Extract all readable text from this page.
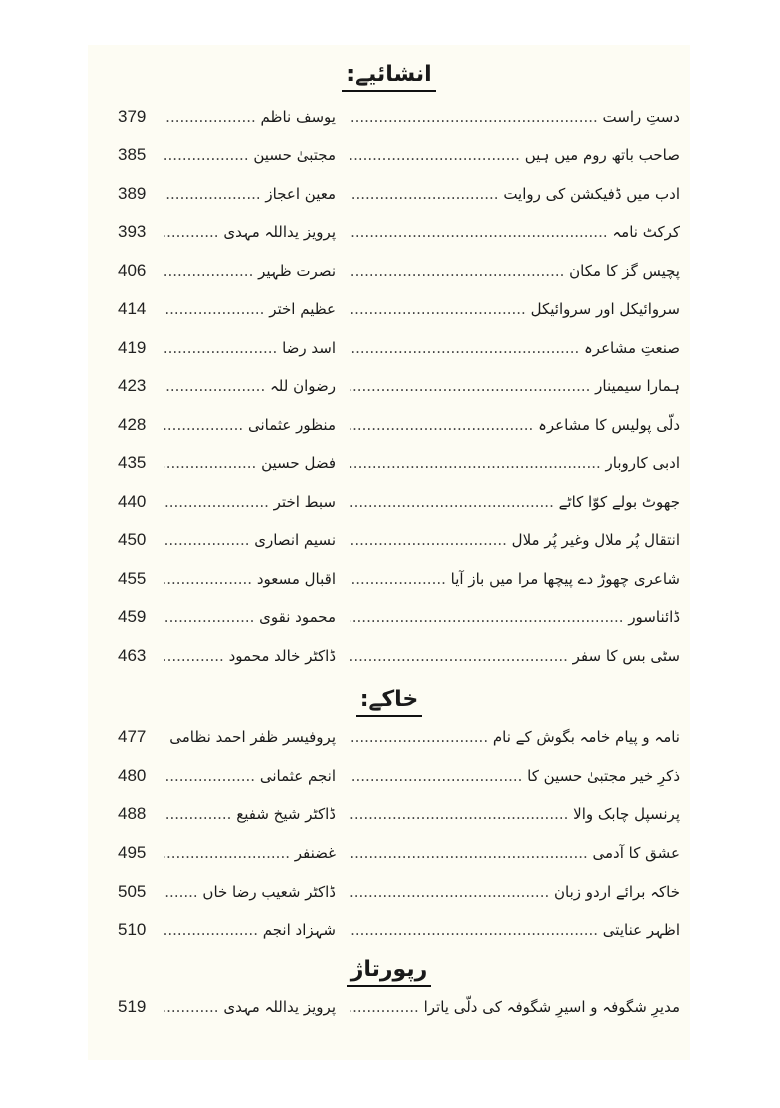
انشائیے:
379	یوسف ناظم .....	دستِ راست .....
385	مجتبیٰ حسین .....	صاحب باتھ روم میں ہیں .....
389	معین اعجاز .....	ادب میں ڈفیکشن کی روایت .....
393	پرویز یداللہ مہدی .....	کرکٹ نامہ .....
406	نصرت ظہیر .....	پچیس گز کا مکان .....
414	عظیم اختر .....	سروائیکل اور سروائیکل .....
419	اسد رضا .....	صنعتِ مشاعرہ .....
423	رضوان للہ .....	ہمارا سیمینار .....
428	منظور عثمانی .....	دلّی پولیس کا مشاعرہ .....
435	فضل حسین .....	ادبی کاروبار .....
440	سبط اختر .....	جھوٹ بولے کوّا کاٹے .....
450	نسیم انصاری .....	انتقال پُر ملال وغیر پُر ملال .....
455	اقبال مسعود .....	شاعری چھوڑ دے پیچھا مرا میں باز آیا .....
459	محمود نقوی .....	ڈائناسور .....
463	ڈاکٹر خالد محمود .....	سٹی بس کا سفر .....
خاکے:
477	پروفیسر ظفر احمد نظامی .....	نامہ و پیام خامہ بگوش کے نام .....
480	انجم عثمانی .....	ذکرِ خیر مجتبیٰ حسین کا .....
488	ڈاکٹر شیخ شفیع .....	پرنسپل چابک والا .....
495	غضنفر .....	عشق کا آدمی .....
505	ڈاکٹر شعیب رضا خاں .....	خاکہ برائے اردو زبان .....
510	شہزاد انجم .....	اظہر عنایتی .....
رپورتاژ
519	پرویز یداللہ مہدی .....	مدیرِ شگوفہ و اسیرِ شگوفہ کی دلّی یاترا .....
